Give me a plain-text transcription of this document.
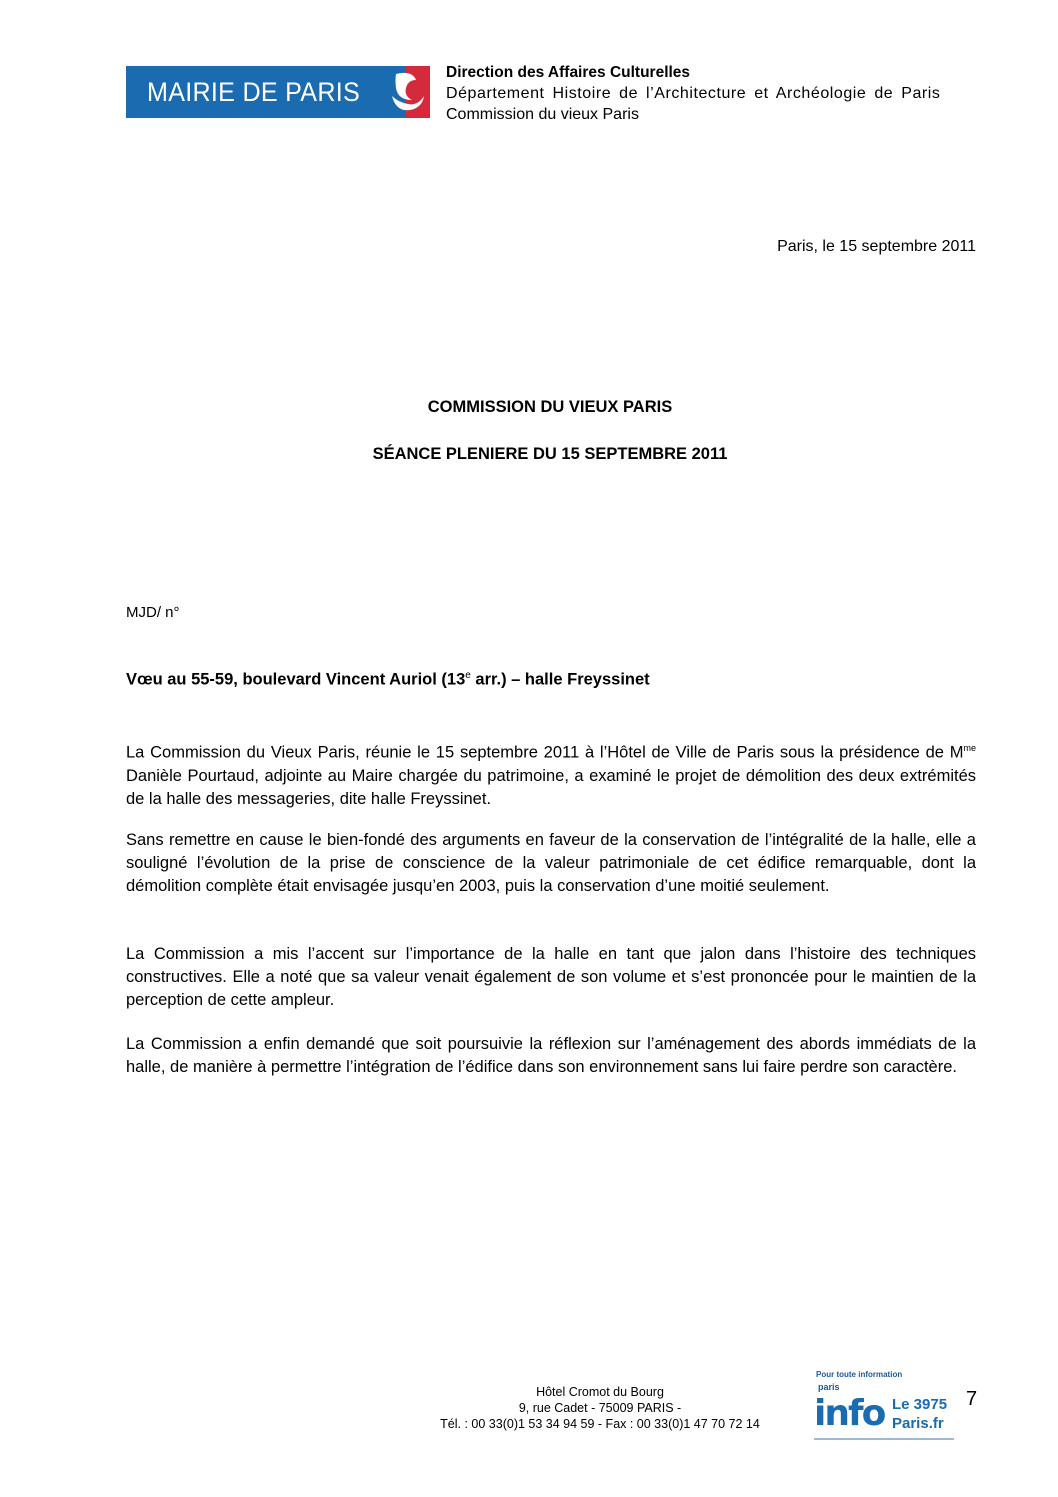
MAIRIE DE PARIS
Direction des Affaires Culturelles
Département Histoire de l’Architecture et Archéologie de Paris
Commission du vieux Paris
Paris, le 15 septembre 2011
COMMISSION DU VIEUX PARIS
SÉANCE PLENIERE DU 15 SEPTEMBRE 2011
MJD/ n°
Vœu au 55-59, boulevard Vincent Auriol (13e arr.) – halle Freyssinet
La Commission du Vieux Paris, réunie le 15 septembre 2011 à l’Hôtel de Ville de Paris sous la présidence de $M^{me}$ Danièle Pourtaud, adjointe au Maire chargée du patrimoine, a examiné le projet de démolition des deux extrémités de la halle des messageries, dite halle Freyssinet.
Sans remettre en cause le bien-fondé des arguments en faveur de la conservation de l’intégralité de la halle, elle a souligné l’évolution de la prise de conscience de la valeur patrimoniale de cet édifice remarquable, dont la démolition complète était envisagée jusqu’en 2003, puis la conservation d’une moitié seulement.
La Commission a mis l’accent sur l’importance de la halle en tant que jalon dans l’histoire des techniques constructives. Elle a noté que sa valeur venait également de son volume et s’est prononcée pour le maintien de la perception de cette ampleur.
La Commission a enfin demandé que soit poursuivie la réflexion sur l’aménagement des abords immédiats de la halle, de manière à permettre l’intégration de l’édifice dans son environnement sans lui faire perdre son caractère.
Hôtel Cromot du Bourg
9, rue Cadet - 75009 PARIS -
Tél. : 00 33(0)1 53 34 94 59 - Fax : 00 33(0)1 47 70 72 14
Pour toute information
paris
info Le 3975
Paris.fr
7
